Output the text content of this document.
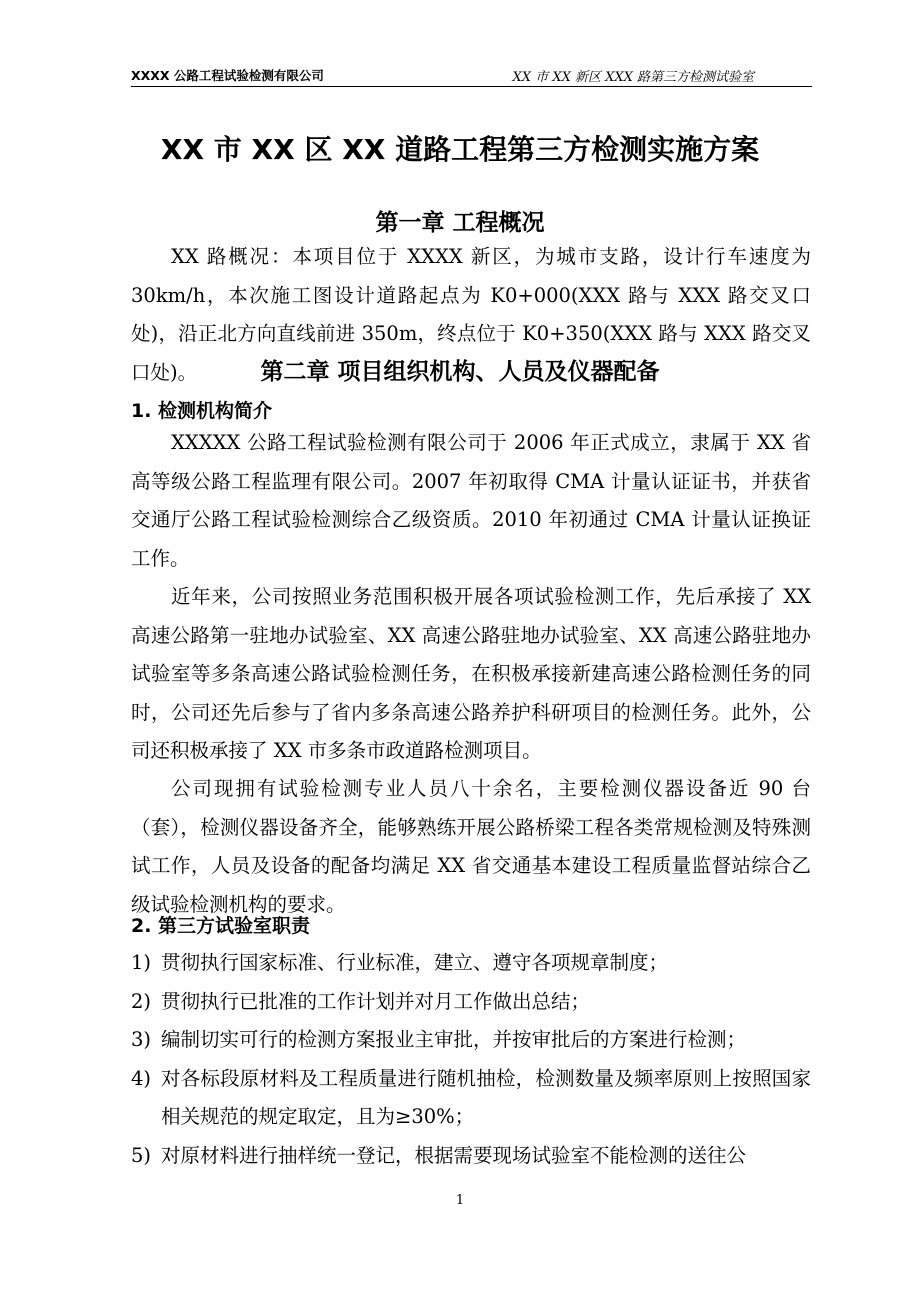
XXXX 公路工程试验检测有限公司	XX 市 XX 新区 XXX 路第三方检测试验室
XX 市 XX 区 XX 道路工程第三方检测实施方案
第一章 工程概况
XX 路概况：本项目位于 XXXX 新区，为城市支路，设计行车速度为 30km/h，本次施工图设计道路起点为 K0+000(XXX 路与 XXX 路交叉口处)，沿正北方向直线前进 350m，终点位于 K0+350(XXX 路与 XXX 路交叉口处)。	第二章 项目组织机构、人员及仪器配备
1. 检测机构简介
XXXXX 公路工程试验检测有限公司于 2006 年正式成立，隶属于 XX 省高等级公路工程监理有限公司。2007 年初取得 CMA 计量认证证书，并获省交通厅公路工程试验检测综合乙级资质。2010 年初通过 CMA 计量认证换证工作。
近年来，公司按照业务范围积极开展各项试验检测工作，先后承接了 XX 高速公路第一驻地办试验室、XX 高速公路驻地办试验室、XX 高速公路驻地办试验室等多条高速公路试验检测任务，在积极承接新建高速公路检测任务的同时，公司还先后参与了省内多条高速公路养护科研项目的检测任务。此外，公司还积极承接了 XX 市多条市政道路检测项目。
公司现拥有试验检测专业人员八十余名，主要检测仪器设备近 90 台（套），检测仪器设备齐全，能够熟练开展公路桥梁工程各类常规检测及特殊测试工作，人员及设备的配备均满足 XX 省交通基本建设工程质量监督站综合乙级试验检测机构的要求。
2. 第三方试验室职责
1) 贯彻执行国家标准、行业标准，建立、遵守各项规章制度；
2) 贯彻执行已批准的工作计划并对月工作做出总结；
3) 编制切实可行的检测方案报业主审批，并按审批后的方案进行检测；
4) 对各标段原材料及工程质量进行随机抽检，检测数量及频率原则上按照国家相关规范的规定取定，且为≥30%；
5) 对原材料进行抽样统一登记，根据需要现场试验室不能检测的送往公
1
